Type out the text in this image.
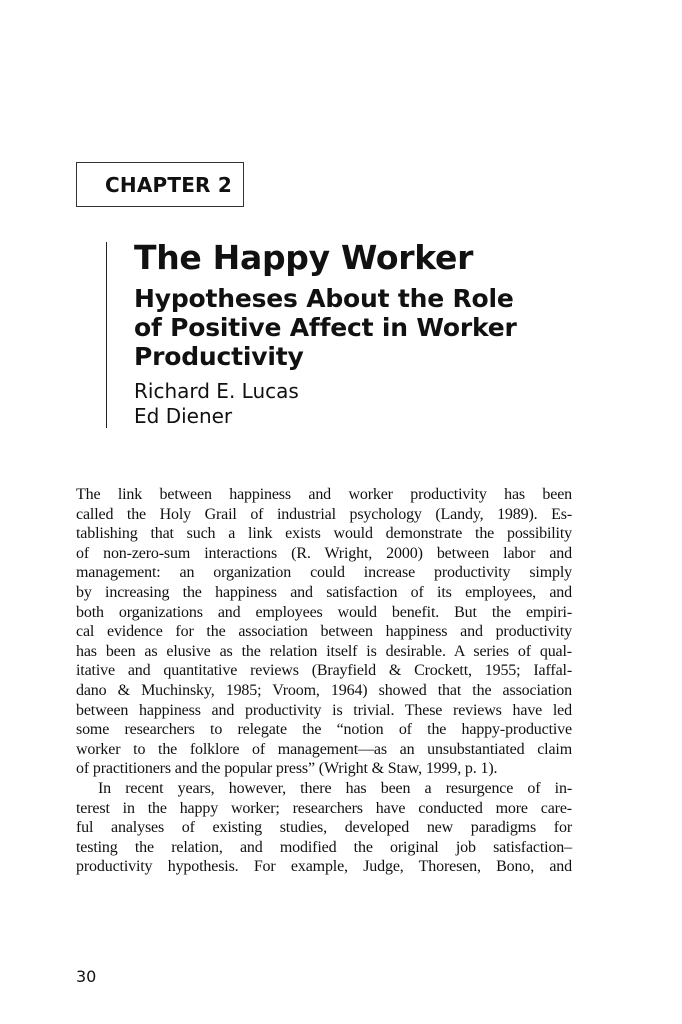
CHAPTER 2
The Happy Worker
Hypotheses About the Role
of Positive Affect in Worker
Productivity
Richard E. Lucas
Ed Diener
The link between happiness and worker productivity has been
called the Holy Grail of industrial psychology (Landy, 1989). Es-
tablishing that such a link exists would demonstrate the possibility
of non-zero-sum interactions (R. Wright, 2000) between labor and
management: an organization could increase productivity simply
by increasing the happiness and satisfaction of its employees, and
both organizations and employees would benefit. But the empiri-
cal evidence for the association between happiness and productivity
has been as elusive as the relation itself is desirable. A series of qual-
itative and quantitative reviews (Brayfield & Crockett, 1955; Iaffal-
dano & Muchinsky, 1985; Vroom, 1964) showed that the association
between happiness and productivity is trivial. These reviews have led
some researchers to relegate the “notion of the happy-productive
worker to the folklore of management—as an unsubstantiated claim
of practitioners and the popular press” (Wright & Staw, 1999, p. 1).
In recent years, however, there has been a resurgence of in-
terest in the happy worker; researchers have conducted more care-
ful analyses of existing studies, developed new paradigms for
testing the relation, and modified the original job satisfaction–
productivity hypothesis. For example, Judge, Thoresen, Bono, and
30
